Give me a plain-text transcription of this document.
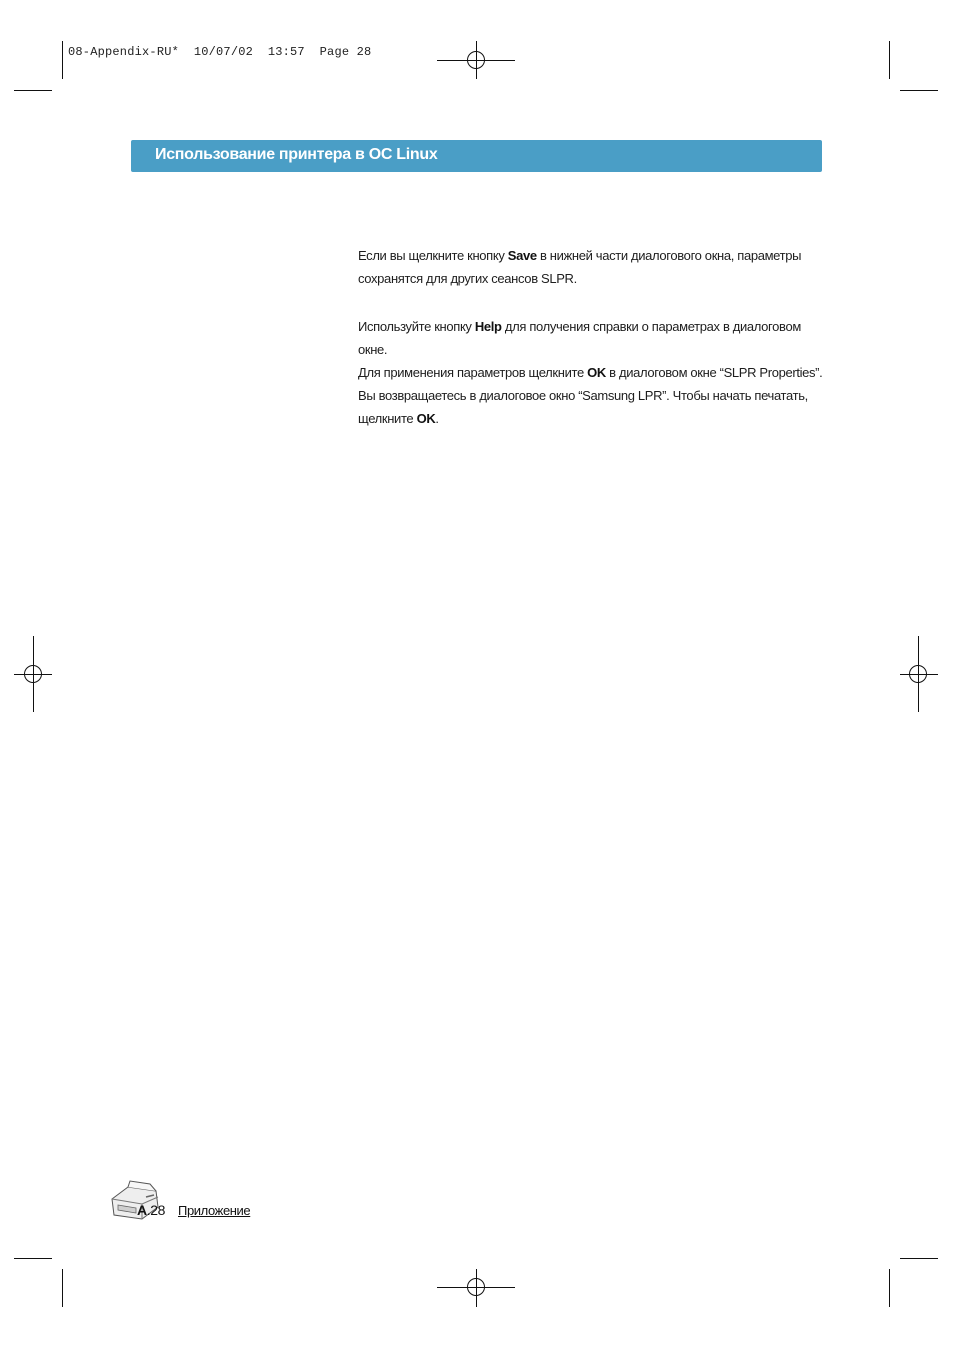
08-Appendix-RU*  10/07/02  13:57  Page 28
Использование принтера в ОС Linux

Если вы щелкните кнопку Save в нижней части диалогового окна, параметры сохранятся для других сеансов SLPR.

Используйте кнопку Help для получения справки о параметрах в диалоговом окне.

Для применения параметров щелкните OK в диалоговом окне “SLPR Properties”. Вы возвращаетесь в диалоговое окно “Samsung LPR”. Чтобы начать печатать, щелкните OK.

A.28 Приложение
